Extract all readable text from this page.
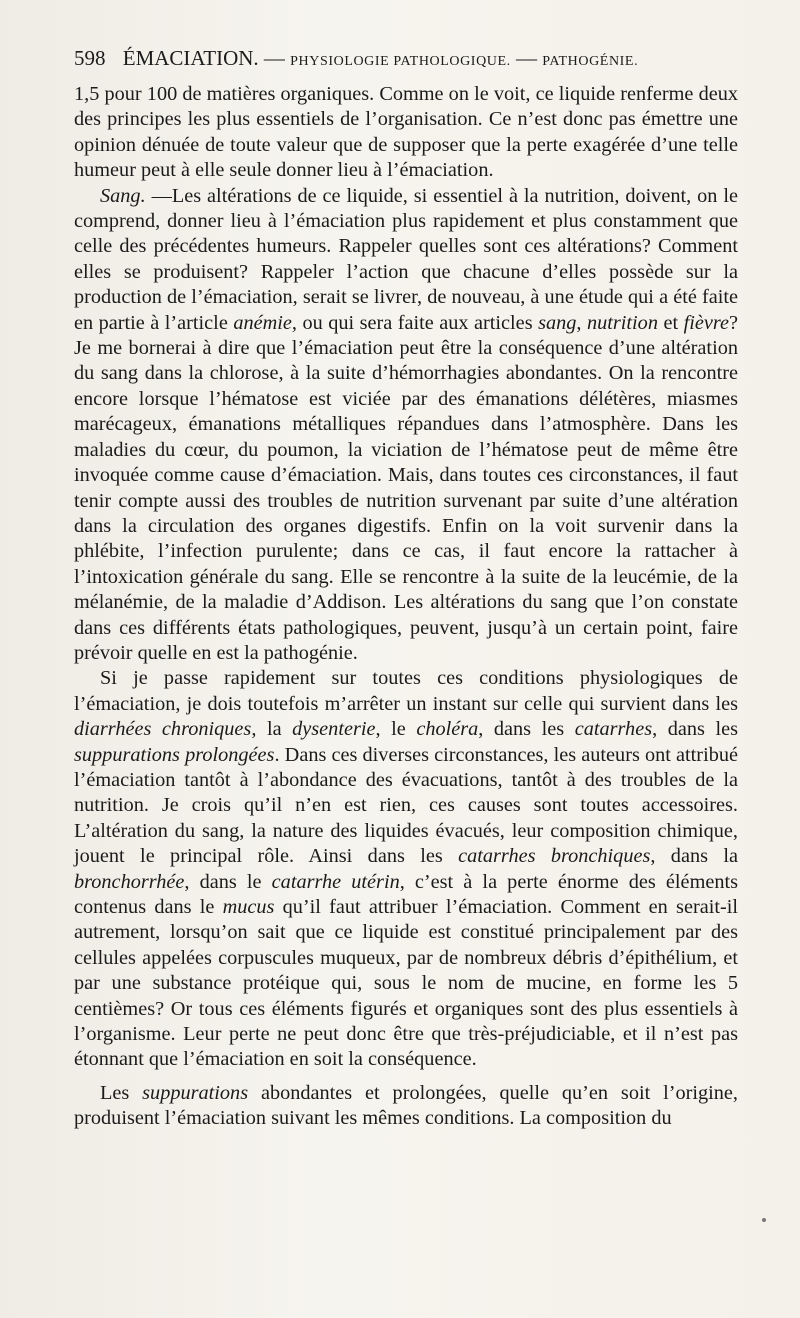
598 ÉMACIATION. — PHYSIOLOGIE PATHOLOGIQUE. — PATHOGÉNIE.

1,5 pour 100 de matières organiques. Comme on le voit, ce liquide renferme deux des principes les plus essentiels de l’organisation. Ce n’est donc pas émettre une opinion dénuée de toute valeur que de supposer que la perte exagérée d’une telle humeur peut à elle seule donner lieu à l’émaciation.

Sang. —Les altérations de ce liquide, si essentiel à la nutrition, doivent, on le comprend, donner lieu à l’émaciation plus rapidement et plus constamment que celle des précédentes humeurs. Rappeler quelles sont ces altérations? Comment elles se produisent? Rappeler l’action que chacune d’elles possède sur la production de l’émaciation, serait se livrer, de nouveau, à une étude qui a été faite en partie à l’article anémie, ou qui sera faite aux articles sang, nutrition et fièvre? Je me bornerai à dire que l’émaciation peut être la conséquence d’une altération du sang dans la chlorose, à la suite d’hémorrhagies abondantes. On la rencontre encore lorsque l’hématose est viciée par des émanations délétères, miasmes marécageux, émanations métalliques répandues dans l’atmosphère. Dans les maladies du cœur, du poumon, la viciation de l’hématose peut de même être invoquée comme cause d’émaciation. Mais, dans toutes ces circonstances, il faut tenir compte aussi des troubles de nutrition survenant par suite d’une altération dans la circulation des organes digestifs. Enfin on la voit survenir dans la phlébite, l’infection purulente; dans ce cas, il faut encore la rattacher à l’intoxication générale du sang. Elle se rencontre à la suite de la leucémie, de la mélanémie, de la maladie d’Addison. Les altérations du sang que l’on constate dans ces différents états pathologiques, peuvent, jusqu’à un certain point, faire prévoir quelle en est la pathogénie.

Si je passe rapidement sur toutes ces conditions physiologiques de l’émaciation, je dois toutefois m’arrêter un instant sur celle qui survient dans les diarrhées chroniques, la dysenterie, le choléra, dans les catarrhes, dans les suppurations prolongées. Dans ces diverses circonstances, les auteurs ont attribué l’émaciation tantôt à l’abondance des évacuations, tantôt à des troubles de la nutrition. Je crois qu’il n’en est rien, ces causes sont toutes accessoires. L’altération du sang, la nature des liquides évacués, leur composition chimique, jouent le principal rôle. Ainsi dans les catarrhes bronchiques, dans la bronchorrhée, dans le catarrhe utérin, c’est à la perte énorme des éléments contenus dans le mucus qu’il faut attribuer l’émaciation. Comment en serait-il autrement, lorsqu’on sait que ce liquide est constitué principalement par des cellules appelées corpuscules muqueux, par de nombreux débris d’épithélium, et par une substance protéique qui, sous le nom de mucine, en forme les 5 centièmes? Or tous ces éléments figurés et organiques sont des plus essentiels à l’organisme. Leur perte ne peut donc être que très-préjudiciable, et il n’est pas étonnant que l’émaciation en soit la conséquence.

Les suppurations abondantes et prolongées, quelle qu’en soit l’origine, produisent l’émaciation suivant les mêmes conditions. La composition du
